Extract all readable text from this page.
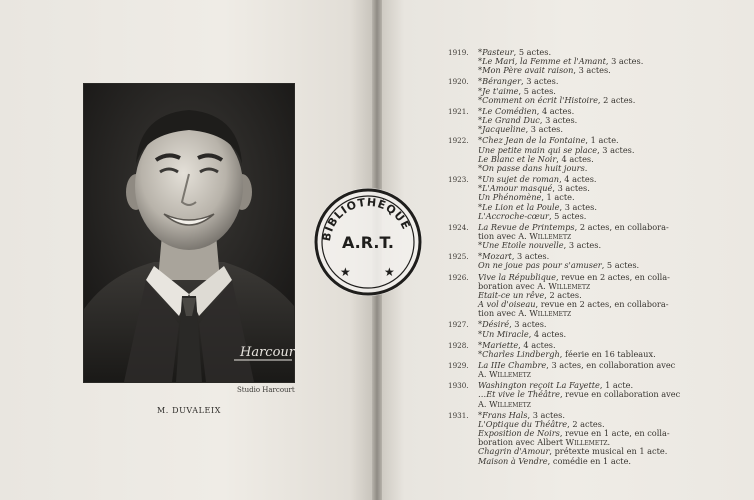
Harcourt
Studio Harcourt
M. DUVALEIX
BIBLIOTHÈQUE
A.R.T.
★	★
1919.	*Pasteur, 5 actes.
*Le Mari, la Femme et l'Amant, 3 actes.
*Mon Père avait raison, 3 actes.
1920.	*Béranger, 3 actes.
*Je t'aime, 5 actes.
*Comment on écrit l'Histoire, 2 actes.
1921.	*Le Comédien, 4 actes.
*Le Grand Duc, 3 actes.
*Jacqueline, 3 actes.
1922.	*Chez Jean de la Fontaine, 1 acte.
Une petite main qui se place, 3 actes.
Le Blanc et le Noir, 4 actes.
*On passe dans huit jours.
1923.	*Un sujet de roman, 4 actes.
*L'Amour masqué, 3 actes.
Un Phénomène, 1 acte.
*Le Lion et la Poule, 3 actes.
L'Accroche-cœur, 5 actes.
1924.	La Revue de Printemps, 2 actes, en collabora-
tion avec A. Willemetz
*Une Etoile nouvelle, 3 actes.
1925.	*Mozart, 3 actes.
On ne joue pas pour s'amuser, 5 actes.
1926.	Vive la République, revue en 2 actes, en colla-
boration avec A. Willemetz
Etait-ce un rêve, 2 actes.
A vol d'oiseau, revue en 2 actes, en collabora-
tion avec A. Willemetz
1927.	*Désiré, 3 actes.
*Un Miracle, 4 actes.
1928.	*Mariette, 4 actes.
*Charles Lindbergh, féerie en 16 tableaux.
1929.	La IIIe Chambre, 3 actes, en collaboration avec
A. Willemetz
1930.	Washington reçoit La Fayette, 1 acte.
…Et vive le Théâtre, revue en collaboration avec
A. Willemetz
1931.	*Frans Hals, 3 actes.
L'Optique du Théâtre, 2 actes.
Exposition de Noirs, revue en 1 acte, en colla-
boration avec Albert Willemetz.
Chagrin d'Amour, prétexte musical en 1 acte.
Maison à Vendre, comédie en 1 acte.
